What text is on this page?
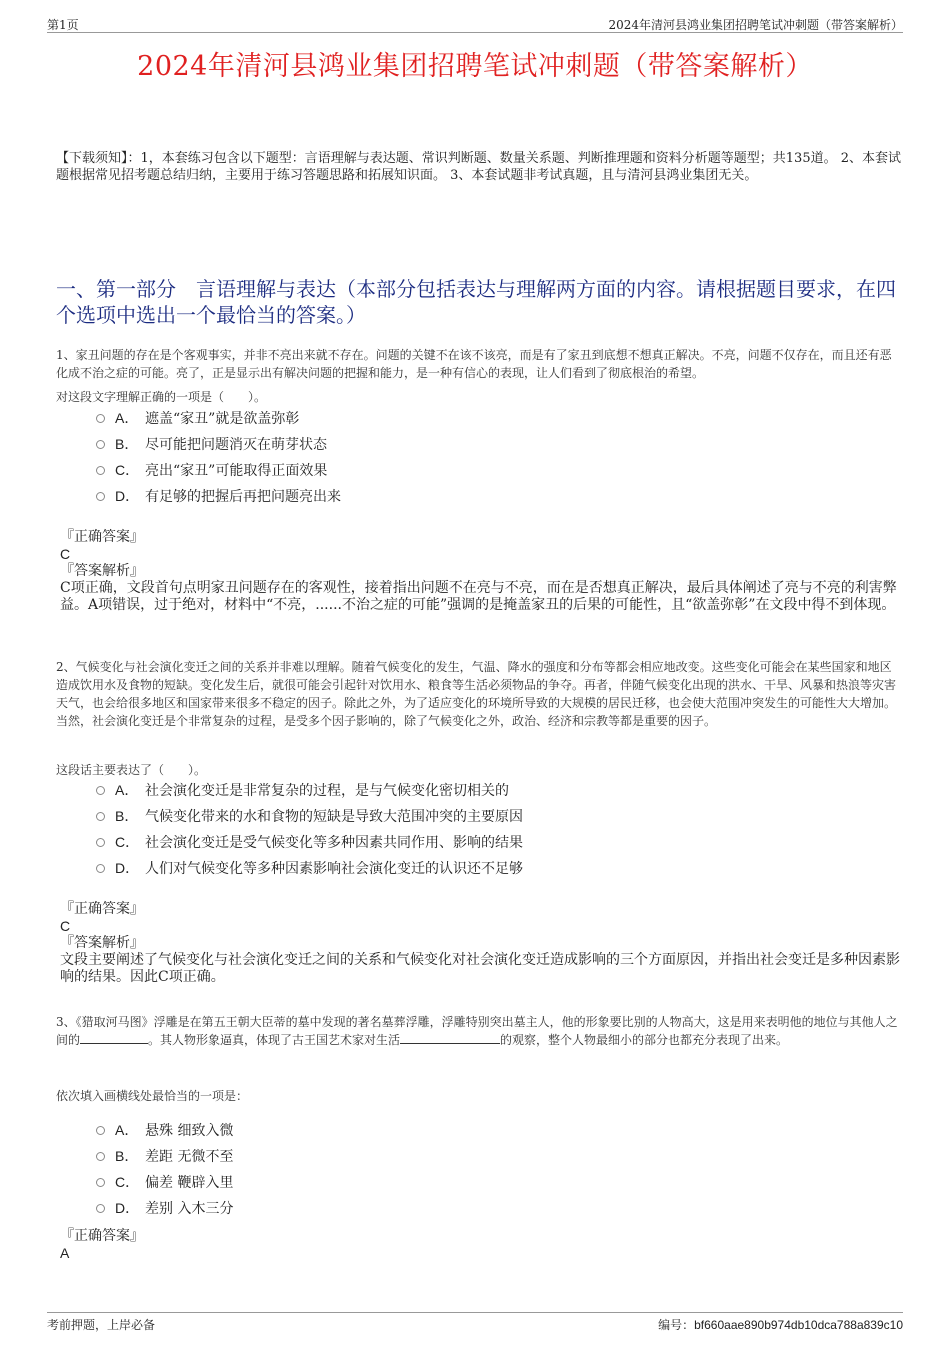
第1页	2024年清河县鸿业集团招聘笔试冲刺题（带答案解析）
2024年清河县鸿业集团招聘笔试冲刺题（带答案解析）
【下载须知】：1，本套练习包含以下题型：言语理解与表达题、常识判断题、数量关系题、判断推理题和资料分析题等题型；共135道。 2、本套试题根据常见招考题总结归纳，主要用于练习答题思路和拓展知识面。 3、本套试题非考试真题，且与清河县鸿业集团无关。
一、第一部分　言语理解与表达（本部分包括表达与理解两方面的内容。请根据题目要求，在四个选项中选出一个最恰当的答案。）
1、家丑问题的存在是个客观事实，并非不亮出来就不存在。问题的关键不在该不该亮，而是有了家丑到底想不想真正解决。不亮，问题不仅存在，而且还有恶化成不治之症的可能。亮了，正是显示出有解决问题的把握和能力，是一种有信心的表现，让人们看到了彻底根治的希望。
对这段文字理解正确的一项是（　　）。
A． 遮盖“家丑”就是欲盖弥彰
B． 尽可能把问题消灭在萌芽状态
C． 亮出“家丑”可能取得正面效果
D． 有足够的把握后再把问题亮出来
『正确答案』
C
『答案解析』
C项正确，文段首句点明家丑问题存在的客观性，接着指出问题不在亮与不亮，而在是否想真正解决，最后具体阐述了亮与不亮的利害弊益。A项错误，过于绝对，材料中“不亮，......不治之症的可能”强调的是掩盖家丑的后果的可能性，且“欲盖弥彰”在文段中得不到体现。
2、气候变化与社会演化变迁之间的关系并非难以理解。随着气候变化的发生，气温、降水的强度和分布等都会相应地改变。这些变化可能会在某些国家和地区造成饮用水及食物的短缺。变化发生后，就很可能会引起针对饮用水、粮食等生活必须物品的争夺。再者，伴随气候变化出现的洪水、干旱、风暴和热浪等灾害天气，也会给很多地区和国家带来很多不稳定的因子。除此之外，为了适应变化的环境所导致的大规模的居民迁移，也会使大范围冲突发生的可能性大大增加。当然，社会演化变迁是个非常复杂的过程，是受多个因子影响的，除了气候变化之外，政治、经济和宗教等都是重要的因子。
这段话主要表达了（　　）。
A． 社会演化变迁是非常复杂的过程，是与气候变化密切相关的
B． 气候变化带来的水和食物的短缺是导致大范围冲突的主要原因
C． 社会演化变迁是受气候变化等多种因素共同作用、影响的结果
D． 人们对气候变化等多种因素影响社会演化变迁的认识还不足够
『正确答案』
C
『答案解析』
文段主要阐述了气候变化与社会演化变迁之间的关系和气候变化对社会演化变迁造成影响的三个方面原因，并指出社会变迁是多种因素影响的结果。因此C项正确。
3、《猎取河马图》浮雕是在第五王朝大臣蒂的墓中发现的著名墓葬浮雕，浮雕特别突出墓主人，他的形象要比别的人物高大，这是用来表明他的地位与其他人之间的	。其人物形象逼真，体现了古王国艺术家对生活	的观察，整个人物最细小的部分也都充分表现了出来。
依次填入画横线处最恰当的一项是：
A． 悬殊 细致入微
B． 差距 无微不至
C． 偏差 鞭辟入里
D． 差别 入木三分
『正确答案』
A
考前押题，上岸必备	编号：bf660aae890b974db10dca788a839c10
